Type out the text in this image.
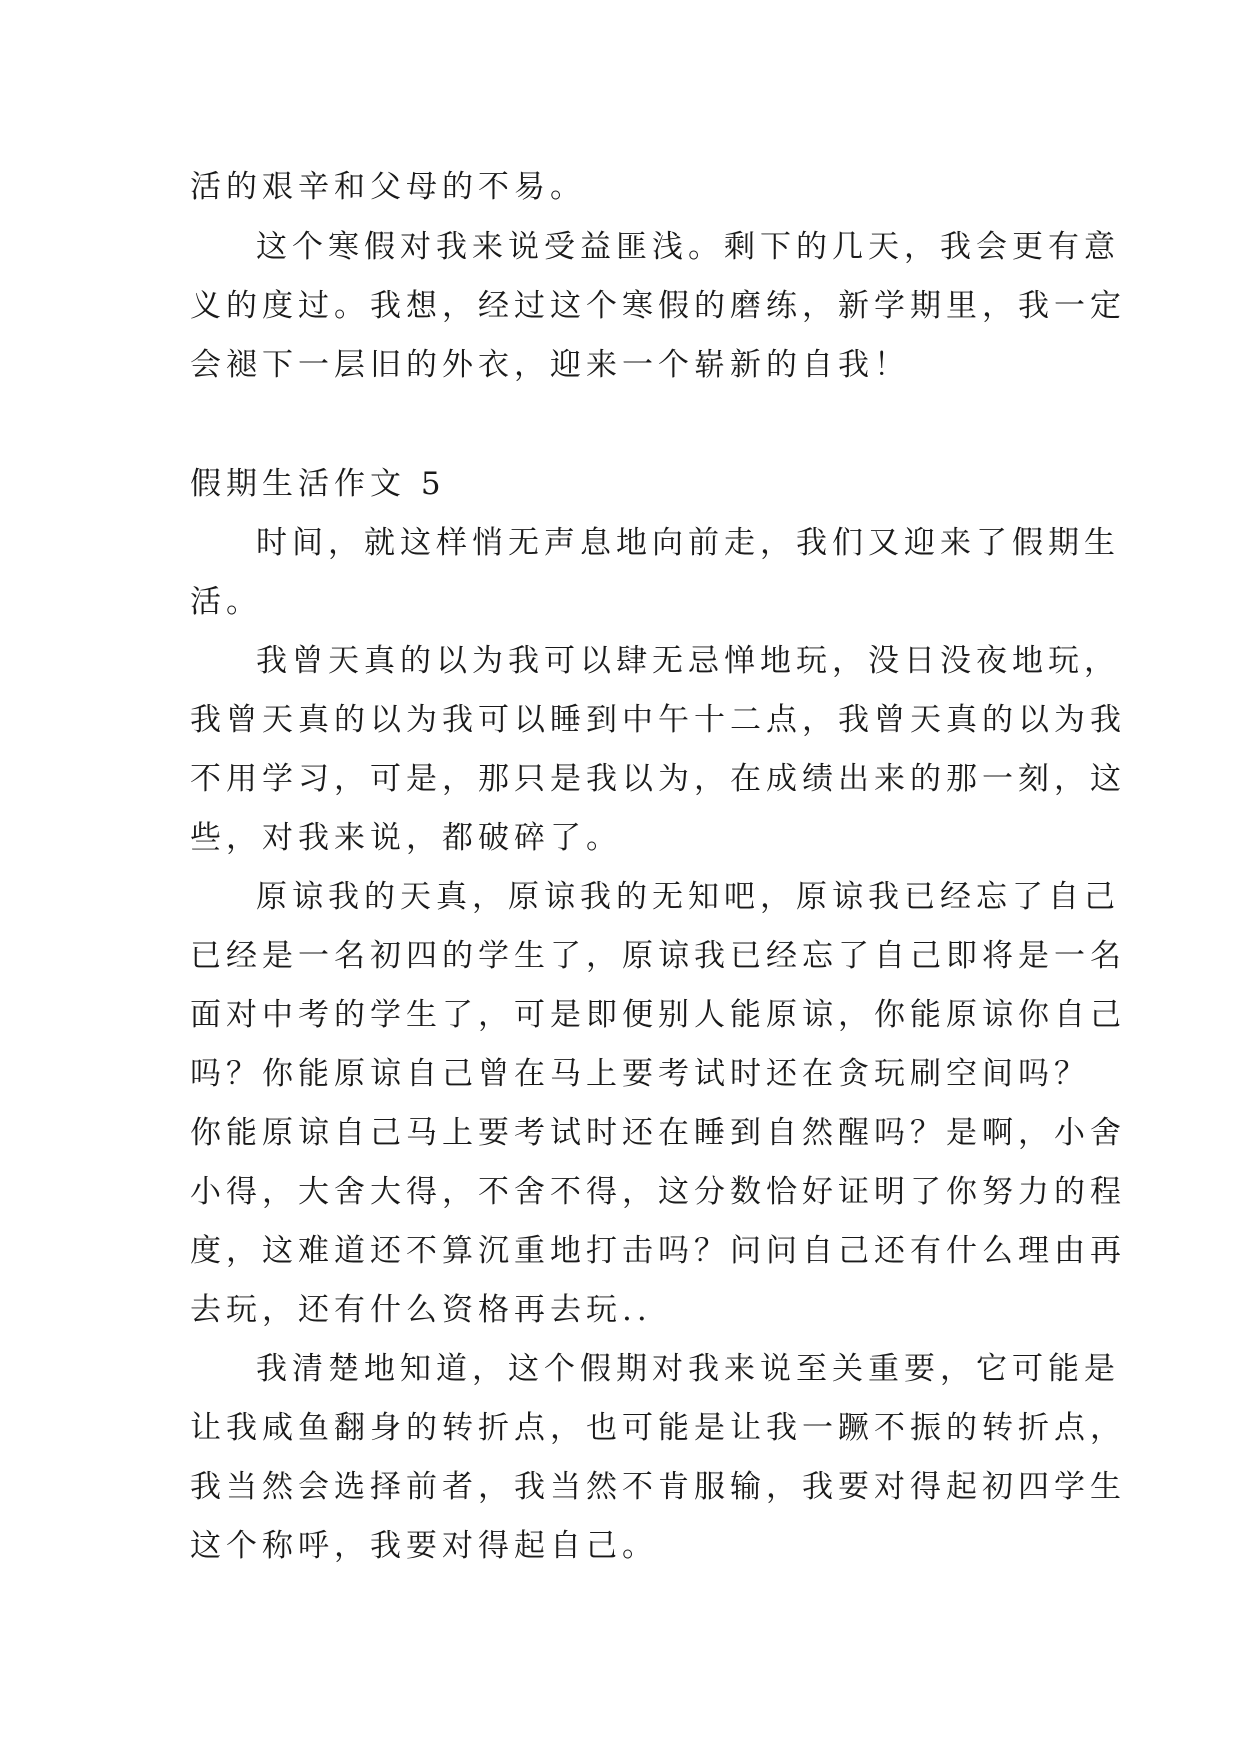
活的艰辛和父母的不易。
这个寒假对我来说受益匪浅。剩下的几天，我会更有意
义的度过。我想，经过这个寒假的磨练，新学期里，我一定
会褪下一层旧的外衣，迎来一个崭新的自我！
假期生活作文 5
时间，就这样悄无声息地向前走，我们又迎来了假期生
活。
我曾天真的以为我可以肆无忌惮地玩，没日没夜地玩，
我曾天真的以为我可以睡到中午十二点，我曾天真的以为我
不用学习，可是，那只是我以为，在成绩出来的那一刻，这
些，对我来说，都破碎了。
原谅我的天真，原谅我的无知吧，原谅我已经忘了自己
已经是一名初四的学生了，原谅我已经忘了自己即将是一名
面对中考的学生了，可是即便别人能原谅，你能原谅你自己
吗？你能原谅自己曾在马上要考试时还在贪玩刷空间吗？
你能原谅自己马上要考试时还在睡到自然醒吗？是啊，小舍
小得，大舍大得，不舍不得，这分数恰好证明了你努力的程
度，这难道还不算沉重地打击吗？问问自己还有什么理由再
去玩，还有什么资格再去玩..
我清楚地知道，这个假期对我来说至关重要，它可能是
让我咸鱼翻身的转折点，也可能是让我一蹶不振的转折点，
我当然会选择前者，我当然不肯服输，我要对得起初四学生
这个称呼，我要对得起自己。
